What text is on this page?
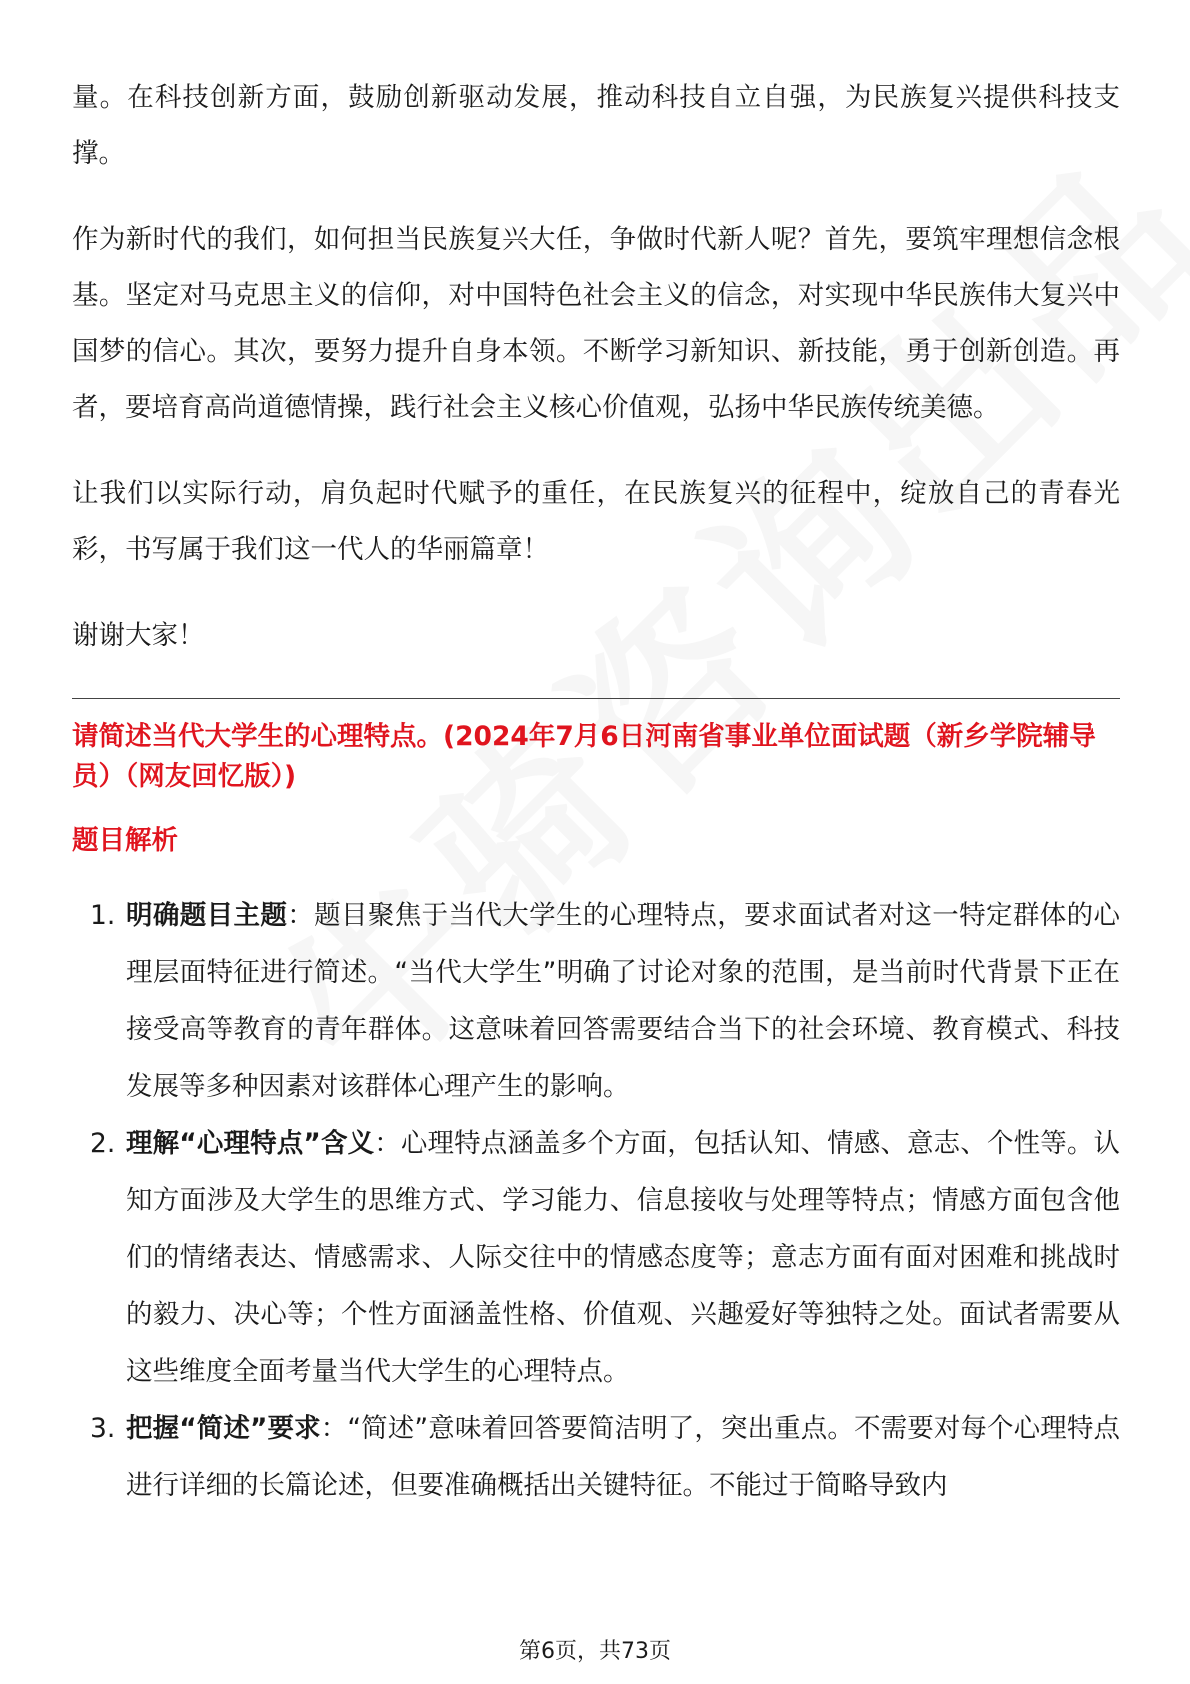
量。在科技创新方面，鼓励创新驱动发展，推动科技自立自强，为民族复兴提供科技支撑。

作为新时代的我们，如何担当民族复兴大任，争做时代新人呢？首先，要筑牢理想信念根基。坚定对马克思主义的信仰，对中国特色社会主义的信念，对实现中华民族伟大复兴中国梦的信心。其次，要努力提升自身本领。不断学习新知识、新技能，勇于创新创造。再者，要培育高尚道德情操，践行社会主义核心价值观，弘扬中华民族传统美德。

让我们以实际行动，肩负起时代赋予的重任，在民族复兴的征程中，绽放自己的青春光彩，书写属于我们这一代人的华丽篇章！

谢谢大家！

请简述当代大学生的心理特点。(2024年7月6日河南省事业单位面试题（新乡学院辅导员）（网友回忆版）)

题目解析

1. 明确题目主题：题目聚焦于当代大学生的心理特点，要求面试者对这一特定群体的心理层面特征进行简述。“当代大学生”明确了讨论对象的范围，是当前时代背景下正在接受高等教育的青年群体。这意味着回答需要结合当下的社会环境、教育模式、科技发展等多种因素对该群体心理产生的影响。
2. 理解“心理特点”含义：心理特点涵盖多个方面，包括认知、情感、意志、个性等。认知方面涉及大学生的思维方式、学习能力、信息接收与处理等特点；情感方面包含他们的情绪表达、情感需求、人际交往中的情感态度等；意志方面有面对困难和挑战时的毅力、决心等；个性方面涵盖性格、价值观、兴趣爱好等独特之处。面试者需要从这些维度全面考量当代大学生的心理特点。
3. 把握“简述”要求：“简述”意味着回答要简洁明了，突出重点。不需要对每个心理特点进行详细的长篇论述，但要准确概括出关键特征。不能过于简略导致内
第6页，共73页
